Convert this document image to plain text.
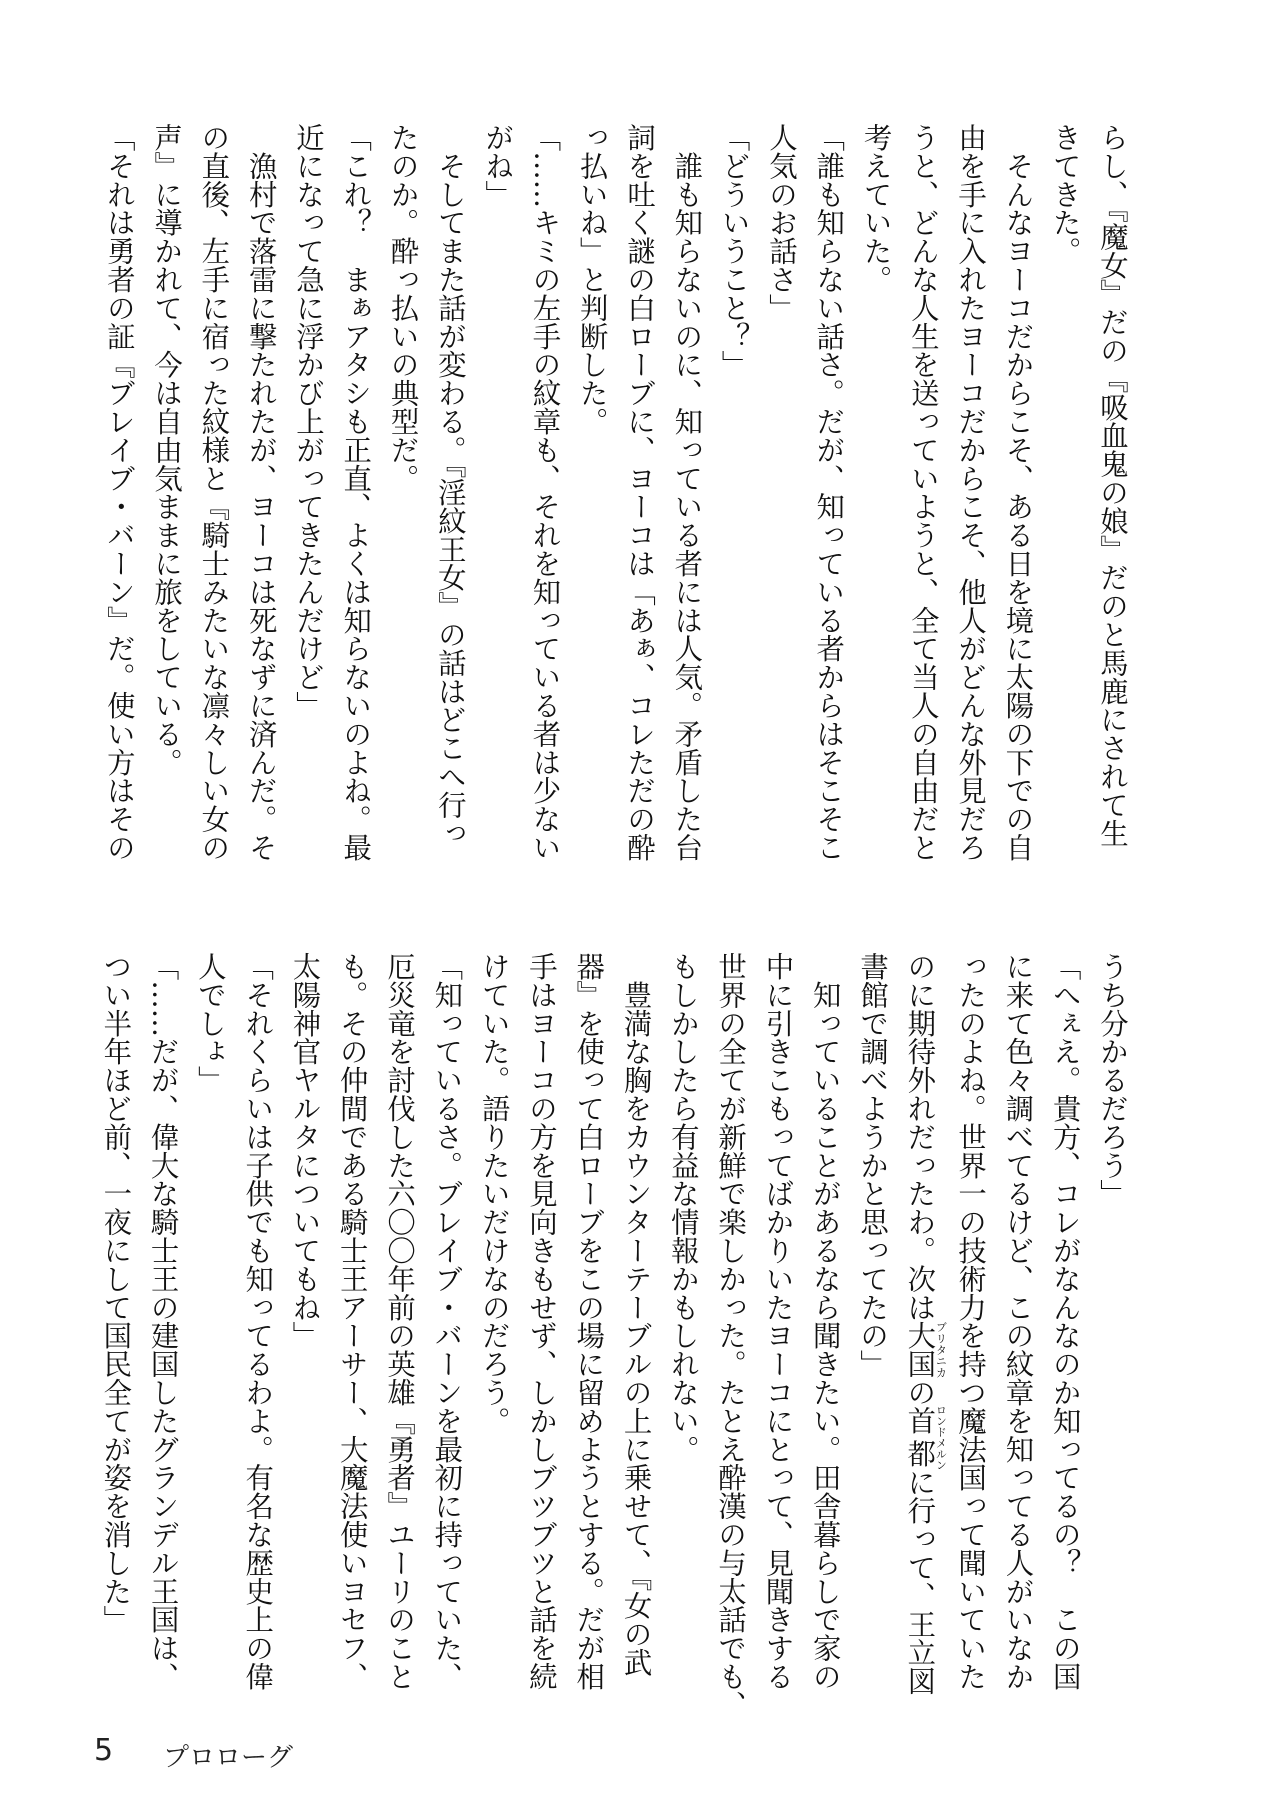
らし、『魔女』だの『吸血鬼の娘』だのと馬鹿にされて生
きてきた。
　そんなヨーコだからこそ、ある日を境に太陽の下での自
由を手に入れたヨーコだからこそ、他人がどんな外見だろ
うと、どんな人生を送っていようと、全て当人の自由だと
考えていた。
「誰も知らない話さ。だが、知っている者からはそこそこ
人気のお話さ」
「どういうこと？」
　誰も知らないのに、知っている者には人気。矛盾した台
詞を吐く謎の白ローブに、ヨーコは「あぁ、コレただの酔
っ払いね」と判断した。
「……キミの左手の紋章も、それを知っている者は少ない
がね」
　そしてまた話が変わる。『淫紋王女』の話はどこへ行っ
たのか。酔っ払いの典型だ。
「これ？　まぁアタシも正直、よくは知らないのよね。最
近になって急に浮かび上がってきたんだけど」
　漁村で落雷に撃たれたが、ヨーコは死なずに済んだ。そ
の直後、左手に宿った紋様と『騎士みたいな凛々しい女の
声』に導かれて、今は自由気ままに旅をしている。
「それは勇者の証『ブレイブ・バーン』だ。使い方はその
うち分かるだろう」
「へぇえ。貴方、コレがなんなのか知ってるの？　この国
に来て色々調べてるけど、この紋章を知ってる人がいなか
ったのよね。世界一の技術力を持つ魔法国って聞いていた
のに期待外れだったわ。次は大国ブリタニカの首都ロンドメルンに行って、王立図
書館で調べようかと思ってたの」
　知っていることがあるなら聞きたい。田舎暮らしで家の
中に引きこもってばかりいたヨーコにとって、見聞きする
世界の全てが新鮮で楽しかった。たとえ酔漢の与太話でも、
もしかしたら有益な情報かもしれない。
　豊満な胸をカウンターテーブルの上に乗せて、『女の武
器』を使って白ローブをこの場に留めようとする。だが相
手はヨーコの方を見向きもせず、しかしブツブツと話を続
けていた。語りたいだけなのだろう。
「知っているさ。ブレイブ・バーンを最初に持っていた、
厄災竜を討伐した六〇〇年前の英雄『勇者』ユーリのこと
も。その仲間である騎士王アーサー、大魔法使いヨセフ、
太陽神官ヤルタについてもね」
「それくらいは子供でも知ってるわよ。有名な歴史上の偉
人でしょ」
「……だが、偉大な騎士王の建国したグランデル王国は、
つい半年ほど前、一夜にして国民全てが姿を消した」
5 プロローグ
